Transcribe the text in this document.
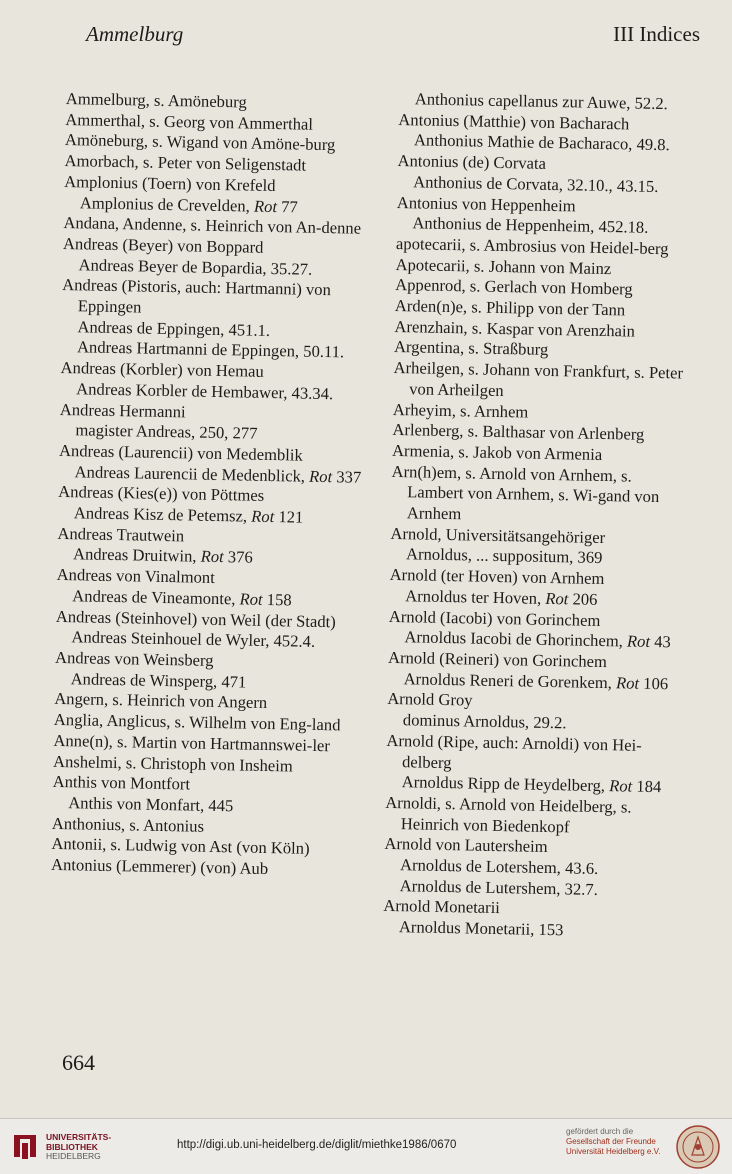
Ammelburg	III Indices
Ammelburg, s. Amöneburg
Ammerthal, s. Georg von Ammerthal
Amöneburg, s. Wigand von Amöne-burg
Amorbach, s. Peter von Seligenstadt
Amplonius (Toern) von Krefeld
Amplonius de Crevelden, Rot 77
Andana, Andenne, s. Heinrich von An-denne
Andreas (Beyer) von Boppard
Andreas Beyer de Bopardia, 35.27.
Andreas (Pistoris, auch: Hartmanni) von Eppingen
Andreas de Eppingen, 451.1.
Andreas Hartmanni de Eppingen, 50.11.
Andreas (Korbler) von Hemau
Andreas Korbler de Hembawer, 43.34.
Andreas Hermanni
magister Andreas, 250, 277
Andreas (Laurencii) von Medemblik
Andreas Laurencii de Medenblick, Rot 337
Andreas (Kies(e)) von Pöttmes
Andreas Kisz de Petemsz, Rot 121
Andreas Trautwein
Andreas Druitwin, Rot 376
Andreas von Vinalmont
Andreas de Vineamonte, Rot 158
Andreas (Steinhovel) von Weil (der Stadt)
Andreas Steinhouel de Wyler, 452.4.
Andreas von Weinsberg
Andreas de Winsperg, 471
Angern, s. Heinrich von Angern
Anglia, Anglicus, s. Wilhelm von Eng-land
Anne(n), s. Martin von Hartmannswei-ler
Anshelmi, s. Christoph von Insheim
Anthis von Montfort
Anthis von Monfart, 445
Anthonius, s. Antonius
Antonii, s. Ludwig von Ast (von Köln)
Antonius (Lemmerer) (von) Aub
Anthonius capellanus zur Auwe, 52.2.
Antonius (Matthie) von Bacharach
Anthonius Mathie de Bacharaco, 49.8.
Antonius (de) Corvata
Anthonius de Corvata, 32.10., 43.15.
Antonius von Heppenheim
Anthonius de Heppenheim, 452.18.
apotecarii, s. Ambrosius von Heidel-berg
Apotecarii, s. Johann von Mainz
Appenrod, s. Gerlach von Homberg
Arden(n)e, s. Philipp von der Tann
Arenzhain, s. Kaspar von Arenzhain
Argentina, s. Straßburg
Arheilgen, s. Johann von Frankfurt, s. Peter von Arheilgen
Arheyim, s. Arnhem
Arlenberg, s. Balthasar von Arlenberg
Armenia, s. Jakob von Armenia
Arn(h)em, s. Arnold von Arnhem, s. Lambert von Arnhem, s. Wi-gand von Arnhem
Arnold, Universitätsangehöriger
Arnoldus, ... suppositum, 369
Arnold (ter Hoven) von Arnhem
Arnoldus ter Hoven, Rot 206
Arnold (Iacobi) von Gorinchem
Arnoldus Iacobi de Ghorinchem, Rot 43
Arnold (Reineri) von Gorinchem
Arnoldus Reneri de Gorenkem, Rot 106
Arnold Groy
dominus Arnoldus, 29.2.
Arnold (Ripe, auch: Arnoldi) von Hei-delberg
Arnoldus Ripp de Heydelberg, Rot 184
Arnoldi, s. Arnold von Heidelberg, s. Heinrich von Biedenkopf
Arnold von Lautersheim
Arnoldus de Lotershem, 43.6.
Arnoldus de Lutershem, 32.7.
Arnold Monetarii
Arnoldus Monetarii, 153
664
UNIVERSITÄTS-
BIBLIOTHEK
HEIDELBERG
http://digi.ub.uni-heidelberg.de/diglit/miethke1986/0670
gefördert durch die
Gesellschaft der Freunde
Universität Heidelberg e.V.
